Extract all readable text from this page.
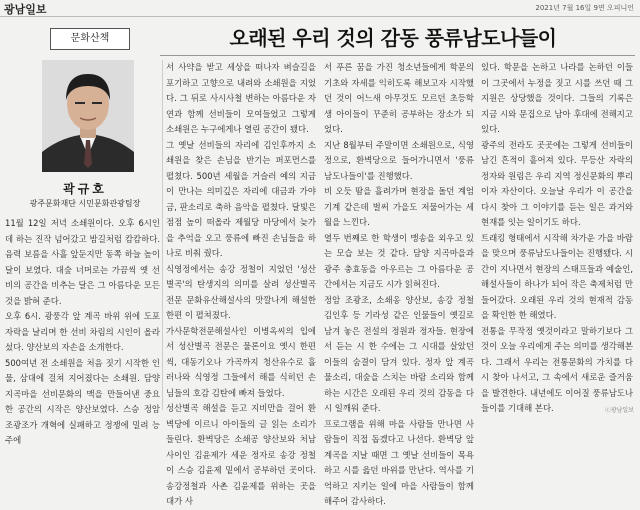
광남일보	2021년 7월 16일 9면 오피니언
문화산책	오래된 우리 것의 감동 풍류남도나들이
곽규호
광주문화재단 시민문화관광팀장

11월 12일 저녁 소쇄원이다. 오후 6시인데 하는 진작 넘어갔고 밤길처럼 캄캄하다. 음력 보름을 사흘 앞둔지만 동쪽 하늘 높이 달이 보였다. 대숲 너머로는 가끔씩 옛 선비의 공간을 비추는 달은 그 아름다운 모든 것을 밝혀 준다.

오후 6시. 광풍각 앞 계곡 바위 위에 도포자락을 날리며 한 선비 차림의 시인이 올라섰다. 양산보의 자손을 소개한다.

500여년 전 소쇄원을 처음 짓기 시작한 인물, 삼대에 걸쳐 지어졌다는 소쇄원. 담양 지곡마을 선비문화의 맥을 만들어낸 중요한 공간의 시작은 양산보였다. 스승 정암 조광조가 개혁에 실패하고 정쟁에 밀려 능주에

서 사약을 받고 세상을 떠나자 벼슬길을 포기하고 고향으로 내려와 소쇄원을 지었다. 그 뒤로 사시사철 변하는 아름다운 자연과 함께 선비들이 모여들었고 그렇게 소쇄원은 누구에게나 열린 공간이 됐다.

그 옛날 선비들의 자리에 김인후까지 소쇄원을 찾은 손님을 반기는 퍼포먼스를 펼쳤다. 500년 세월을 거슬러 예의 지금이 만나는 의미깊은 자리에 대금과 가야금, 판소리로 축하 음악을 펼쳤다. 달빛은 점점 높이 떠올라 제월당 마당에서 늦가을 추억을 오고 풍류에 빠진 손님들을 하나로 비춰 줬다.

식영정에서는 송강 정철이 지었던 '성산별곡'의 탄생지의 의미를 살려 성산별곡 전문 문화유산해설사의 맛깔나게 해설한 한편 이 펼쳐졌다.

가사문학전문해설사인 이병옥씨의 입에서 성산별곡 전문은 물론이요 옛시 한편씩, 대동기오나 가곡까지 청산유수로 흘러나와 식영정 그들에서 해를 식히던 손님들의 호감 김탄에 빠져 들었다.

성산별곡 해설을 듣고 지비만을 걸어 환벽당에 이르니 아이들의 글 읽는 소리가 들린다. 환벽당은 소쇄공 양산보와 처남 사이인 김윤제가 세운 정자로 송강 정철이 스승 김윤제 밑에서 공부하던 곳이다. 송강정철과 사촌 김윤제를 위하는 곳을 대가 사

서 푸른 꿈을 가진 청소년들에게 학문의 기초와 자세를 익히도록 해보고자 시작했던 것이 어느새 아무것도 모르던 초등학생 아이들이 꾸준히 공부하는 장소가 되었다.

지난 8월부터 주말이면 소쇄원으로, 식영정으로, 환벽당으로 들어가니면서 '풍류남도나들이'를 진행했다.

비 오듯 땀을 흘려가며 현장을 돌던 계엄기계 같은데 벌써 가을도 저물어가는 세월을 느낀다.

열두 번째로 한 학생이 맹송을 외우고 있는 모습 보는 것 같다. 담양 지곡마을과 광주 충효동을 아우르는 그 아름다운 공간에서는 지금도 시가 읽혀진다.

정암 조광조, 소쇄옹 양산보, 송강 정철 김인후 등 기라성 같은 인물들이 옛길로 남겨 놓은 전설의 정원과 정자들. 현장에서 듣는 시 한 수에는 그 시대를 살았던 이들의 숨결이 담겨 있다. 정자 앞 계곡 물소리, 대숲을 스치는 바람 소리와 함께 하는 시간은 오래된 우리 것의 감동을 다시 일깨워 준다.

프로그램을 위해 마을 사람들 만나면 사람들이 직접 돕겠다고 나선다. 환벽당 앞 계곡을 지날 때면 그 옛날 선비들이 목욕하고 시를 읊던 바위를 만난다. 역사를 기억하고 지키는 일에 마을 사람들이 함께 해주어 감사하다.

있다. 학문을 논하고 나라를 논하던 이들이 그곳에서 누정을 짓고 시를 쓰던 때 그 지원은 상당했을 것이다. 그들의 기록은 지금 시와 문집으로 남아 후대에 전해지고 있다.

광주의 전라도 곳곳에는 그렇게 선비들이 남긴 흔적이 흩어져 있다. 무등산 자락의 정자와 원림은 우리 지역 정신문화의 뿌리이자 자산이다. 오늘날 우리가 이 공간을 다시 찾아 그 이야기를 듣는 일은 과거와 현재를 잇는 일이기도 하다.

트래킹 형태에서 시작해 차가운 가을 바람을 맞으며 풍류남도나들이는 진행됐다. 시간이 지나면서 현장의 스태프들과 예술인, 해설사들이 하나가 되어 작은 축제처럼 만들어갔다. 오래된 우리 것의 현재적 감동을 확인한 한 해였다.

전통을 무작정 옛것이라고 말하기보다 그것이 오늘 우리에게 주는 의미를 생각해본다. 그래서 우리는 전통문화의 가치를 다시 찾아 나서고, 그 속에서 새로운 즐거움을 발견한다. 내년에도 이어질 풍류남도나들이를 기대해 본다.	ⓒ광남일보
